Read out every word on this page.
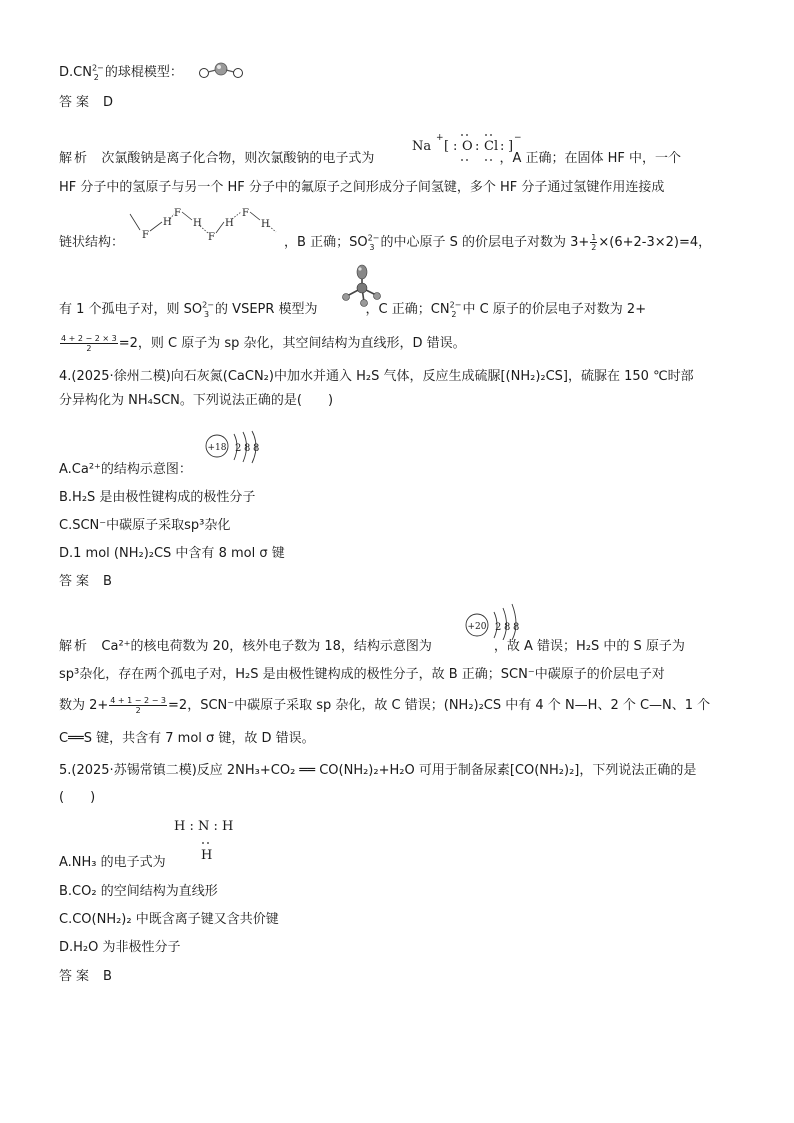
$D.CN^{2-}_2$ 的球棍模型：
答案 D
Na
+
[ : O : Cl : ]
−
解析 次氯酸钠是离子化合物，则次氯酸钠的电子式为	，A 正确；在固体 HF 中，一个
HF 分子中的氢原子与另一个 HF 分子中的氟原子之间形成分子间氢键，多个 HF 分子通过氢键作用连接成
F
H
F
H
F
H
F
H
链状结构：	，B 正确；$SO^{2-}_3$ 的中心原子 S 的价层电子对数为 $3+ \frac{1}{2} \times(6+2-3\times 2)=4$，
有 1 个孤电子对，则 $SO^{2-}_3$ 的 VSEPR 模型为	，C 正确；$CN^{2-}_2$ 中 C 原子的价层电子对数为 2+
$\frac{4 + 2 - 2 \times 3}{2} =2$，则 C 原子为 sp 杂化，其空间结构为直线形，D 错误。
4.(2025·徐州二模)向石灰氮(CaCN₂)中加水并通入 H₂S 气体，反应生成硫脲[(NH₂)₂CS]，硫脲在 150 ℃时部
分异构化为 NH₄SCN。下列说法正确的是(　　)
+18 2 8 8
A.Ca²⁺的结构示意图：
B.H₂S 是由极性键构成的极性分子
C.SCN⁻中碳原子采取sp³杂化
D.1 mol (NH₂)₂CS 中含有 8 mol σ 键
答案 B
+20 2 8 8
解析 Ca²⁺的核电荷数为 20，核外电子数为 18，结构示意图为	，故 A 错误；H₂S 中的 S 原子为
sp³杂化，存在两个孤电子对，H₂S 是由极性键构成的极性分子，故 B 正确；SCN⁻中碳原子的价层电子对
数为 $2+ \frac{4 + 1 - 2 - 3}{2} =2$，SCN⁻中碳原子采取 sp 杂化，故 C 错误；(NH₂)₂CS 中有 4 个 N—H、2 个 C—N、1 个
C══S 键，共含有 7 mol σ 键，故 D 错误。
5.(2025·苏锡常镇二模)反应 2NH₃+CO₂ ══ CO(NH₂)₂+H₂O 可用于制备尿素[CO(NH₂)₂]，下列说法正确的是
(　　)
H : N : H
H
A.NH₃ 的电子式为
B.CO₂ 的空间结构为直线形
C.CO(NH₂)₂ 中既含离子键又含共价键
D.H₂O 为非极性分子
答案 B
